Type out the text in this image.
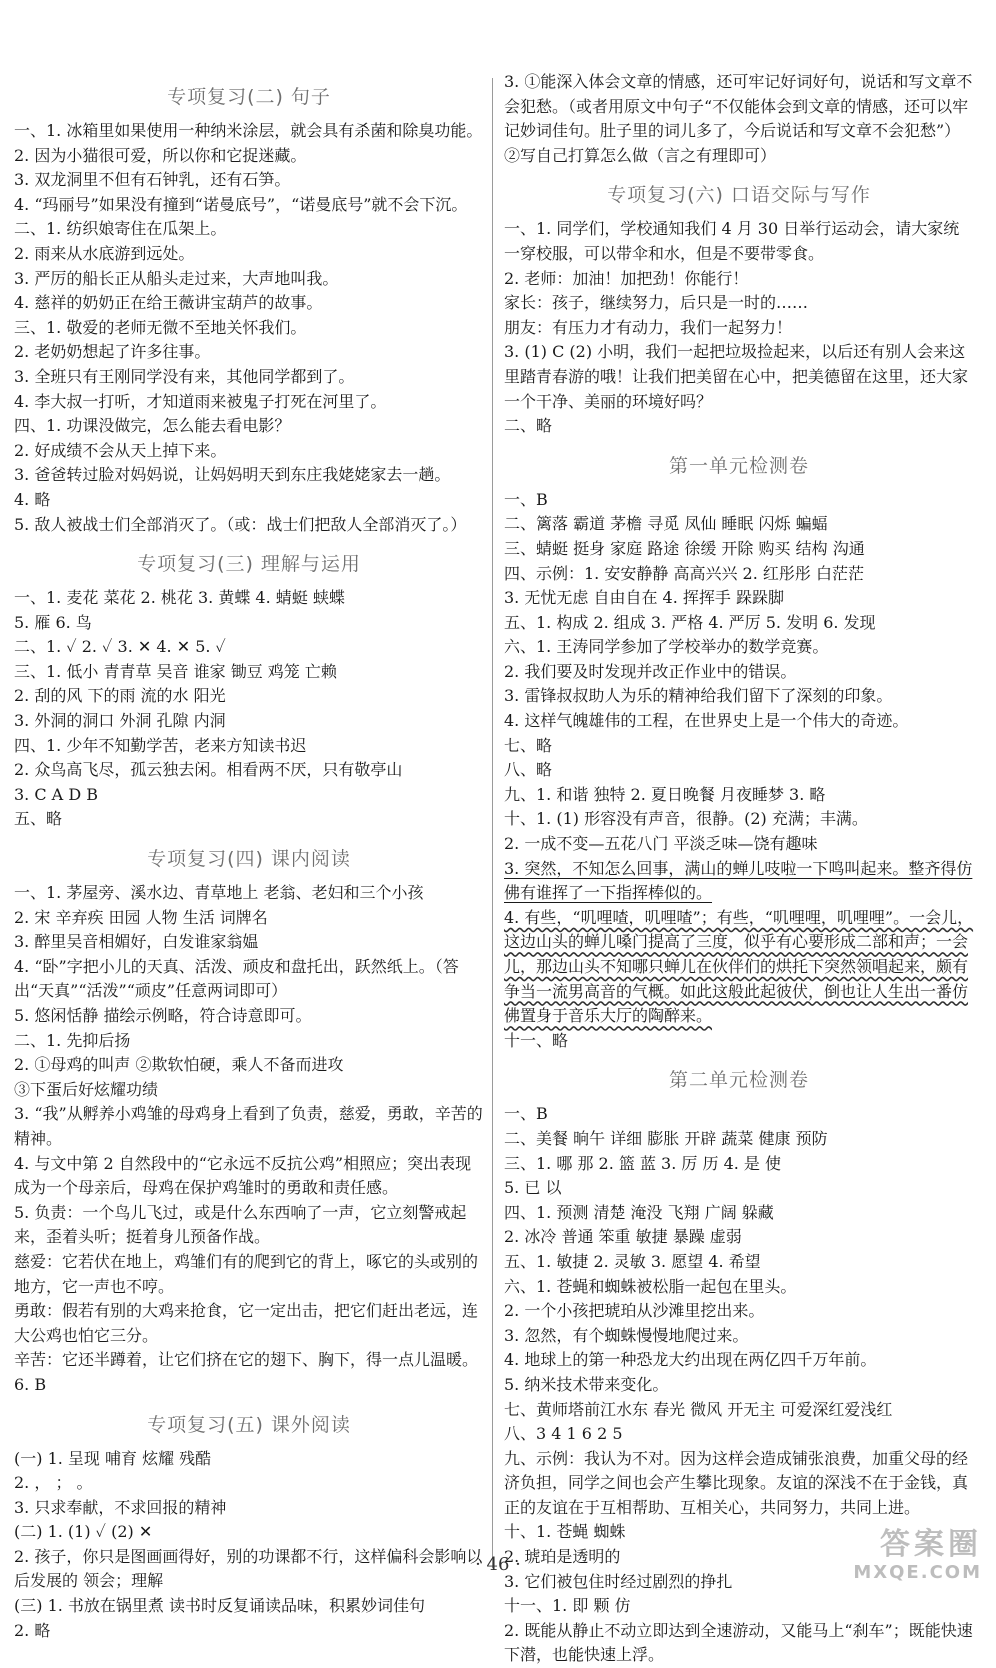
专项复习(二) 句子
一、1. 冰箱里如果使用一种纳米涂层，就会具有杀菌和除臭功能。
2. 因为小猫很可爱，所以你和它捉迷藏。
3. 双龙洞里不但有石钟乳，还有石笋。
4. “玛丽号”如果没有撞到“诺曼底号”，“诺曼底号”就不会下沉。
二、1. 纺织娘寄住在瓜架上。
2. 雨来从水底游到远处。
3. 严厉的船长正从船头走过来，大声地叫我。
4. 慈祥的奶奶正在给王薇讲宝葫芦的故事。
三、1. 敬爱的老师无微不至地关怀我们。
2. 老奶奶想起了许多往事。
3. 全班只有王刚同学没有来，其他同学都到了。
4. 李大叔一打听，才知道雨来被鬼子打死在河里了。
四、1. 功课没做完，怎么能去看电影？
2. 好成绩不会从天上掉下来。
3. 爸爸转过脸对妈妈说，让妈妈明天到东庄我姥姥家去一趟。
4. 略
5. 敌人被战士们全部消灭了。（或：战士们把敌人全部消灭了。）
专项复习(三) 理解与运用
一、1. 麦花 菜花 2. 桃花 3. 黄蝶 4. 蜻蜓 蛱蝶
5. 雁 6. 鸟
二、1. ✓ 2. ✓ 3. ✕ 4. ✕ 5. ✓
三、1. 低小 青青草 吴音 谁家 锄豆 鸡笼 亡赖
2. 刮的风 下的雨 流的水 阳光
3. 外洞的洞口 外洞 孔隙 内洞
四、1. 少年不知勤学苦，老来方知读书迟
2. 众鸟高飞尽，孤云独去闲。相看两不厌，只有敬亭山
3. C A D B
五、略
专项复习(四) 课内阅读
一、1. 茅屋旁、溪水边、青草地上 老翁、老妇和三个小孩
2. 宋 辛弃疾 田园 人物 生活 词牌名
3. 醉里吴音相媚好，白发谁家翁媪
4. “卧”字把小儿的天真、活泼、顽皮和盘托出，跃然纸上。（答出“天真”“活泼”“顽皮”任意两词即可）
5. 悠闲恬静 描绘示例略，符合诗意即可。
二、1. 先抑后扬
2. ①母鸡的叫声 ②欺软怕硬，乘人不备而进攻
③下蛋后好炫耀功绩
3. “我”从孵养小鸡雏的母鸡身上看到了负责，慈爱，勇敢，辛苦的精神。
4. 与文中第 2 自然段中的“它永远不反抗公鸡”相照应；突出表现成为一个母亲后，母鸡在保护鸡雏时的勇敢和责任感。
5. 负责：一个鸟儿飞过，或是什么东西响了一声，它立刻警戒起来，歪着头听；挺着身儿预备作战。
慈爱：它若伏在地上，鸡雏们有的爬到它的背上，啄它的头或别的地方，它一声也不哼。
勇敢：假若有别的大鸡来抢食，它一定出击，把它们赶出老远，连大公鸡也怕它三分。
辛苦：它还半蹲着，让它们挤在它的翅下、胸下，得一点儿温暖。
6. B
专项复习(五) 课外阅读
(一) 1. 呈现 哺育 炫耀 残酷
2. ， ； 。
3. 只求奉献，不求回报的精神
(二) 1. (1) ✓ (2) ✕
2. 孩子，你只是图画画得好，别的功课都不行，这样偏科会影响以后发展的 领会；理解
(三) 1. 书放在锅里煮 读书时反复诵读品味，积累妙词佳句
2. 略
3. ①能深入体会文章的情感，还可牢记好词好句，说话和写文章不会犯愁。（或者用原文中句子“不仅能体会到文章的情感，还可以牢记妙词佳句。肚子里的词儿多了，今后说话和写文章不会犯愁”）②写自己打算怎么做（言之有理即可）
专项复习(六) 口语交际与写作
一、1. 同学们，学校通知我们 4 月 30 日举行运动会，请大家统一穿校服，可以带伞和水，但是不要带零食。
2. 老师：加油！加把劲！你能行！
家长：孩子，继续努力，后只是一时的……
朋友：有压力才有动力，我们一起努力！
3. (1) C (2) 小明，我们一起把垃圾捡起来，以后还有别人会来这里踏青春游的哦！让我们把美留在心中，把美德留在这里，还大家一个干净、美丽的环境好吗？
二、略
第一单元检测卷
一、B
二、篱落 霸道 茅檐 寻觅 凤仙 睡眠 闪烁 蝙蝠
三、蜻蜓 挺身 家庭 路途 徐缓 开除 购买 结构 沟通
四、示例：1. 安安静静 高高兴兴 2. 红彤彤 白茫茫
3. 无忧无虑 自由自在 4. 挥挥手 跺跺脚
五、1. 构成 2. 组成 3. 严格 4. 严厉 5. 发明 6. 发现
六、1. 王涛同学参加了学校举办的数学竞赛。
2. 我们要及时发现并改正作业中的错误。
3. 雷锋叔叔助人为乐的精神给我们留下了深刻的印象。
4. 这样气魄雄伟的工程，在世界史上是一个伟大的奇迹。
七、略
八、略
九、1. 和谐 独特 2. 夏日晚餐 月夜睡梦 3. 略
十、1. (1) 形容没有声音，很静。(2) 充满；丰满。
2. 一成不变—五花八门 平淡乏味—饶有趣味
3. 突然，不知怎么回事，满山的蝉儿吱啦一下鸣叫起来。整齐得仿佛有谁挥了一下指挥棒似的。
4. 有些，“叽哩喳，叽哩喳”；有些，“叽哩哩，叽哩哩”。一会儿，这边山头的蝉儿嗓门提高了三度，似乎有心要形成二部和声；一会儿，那边山头不知哪只蝉儿在伙伴们的烘托下突然领唱起来，颇有争当一流男高音的气概。如此这般此起彼伏，倒也让人生出一番仿佛置身于音乐大厅的陶醉来。
十一、略
第二单元检测卷
一、B
二、美餐 晌午 详细 膨胀 开辟 蔬菜 健康 预防
三、1. 哪 那 2. 篮 蓝 3. 厉 历 4. 是 使
5. 已 以
四、1. 预测 清楚 淹没 飞翔 广阔 躲藏
2. 冰冷 普通 笨重 敏捷 暴躁 虚弱
五、1. 敏捷 2. 灵敏 3. 愿望 4. 希望
六、1. 苍蝇和蜘蛛被松脂一起包在里头。
2. 一个小孩把琥珀从沙滩里挖出来。
3. 忽然，有个蜘蛛慢慢地爬过来。
4. 地球上的第一种恐龙大约出现在两亿四千万年前。
5. 纳米技术带来变化。
七、黄师塔前江水东 春光 微风 开无主 可爱深红爱浅红
八、3 4 1 6 2 5
九、示例：我认为不对。因为这样会造成铺张浪费，加重父母的经济负担，同学之间也会产生攀比现象。友谊的深浅不在于金钱，真正的友谊在于互相帮助、互相关心，共同努力，共同上进。
十、1. 苍蝇 蜘蛛
2. 琥珀是透明的
3. 它们被包住时经过剧烈的挣扎
十一、1. 即 颗 仿
2. 既能从静止不动立即达到全速游动，又能马上“刹车”；既能快速下潜，也能快速上浮。
· 46 ·
答案圈
MXQE.COM
